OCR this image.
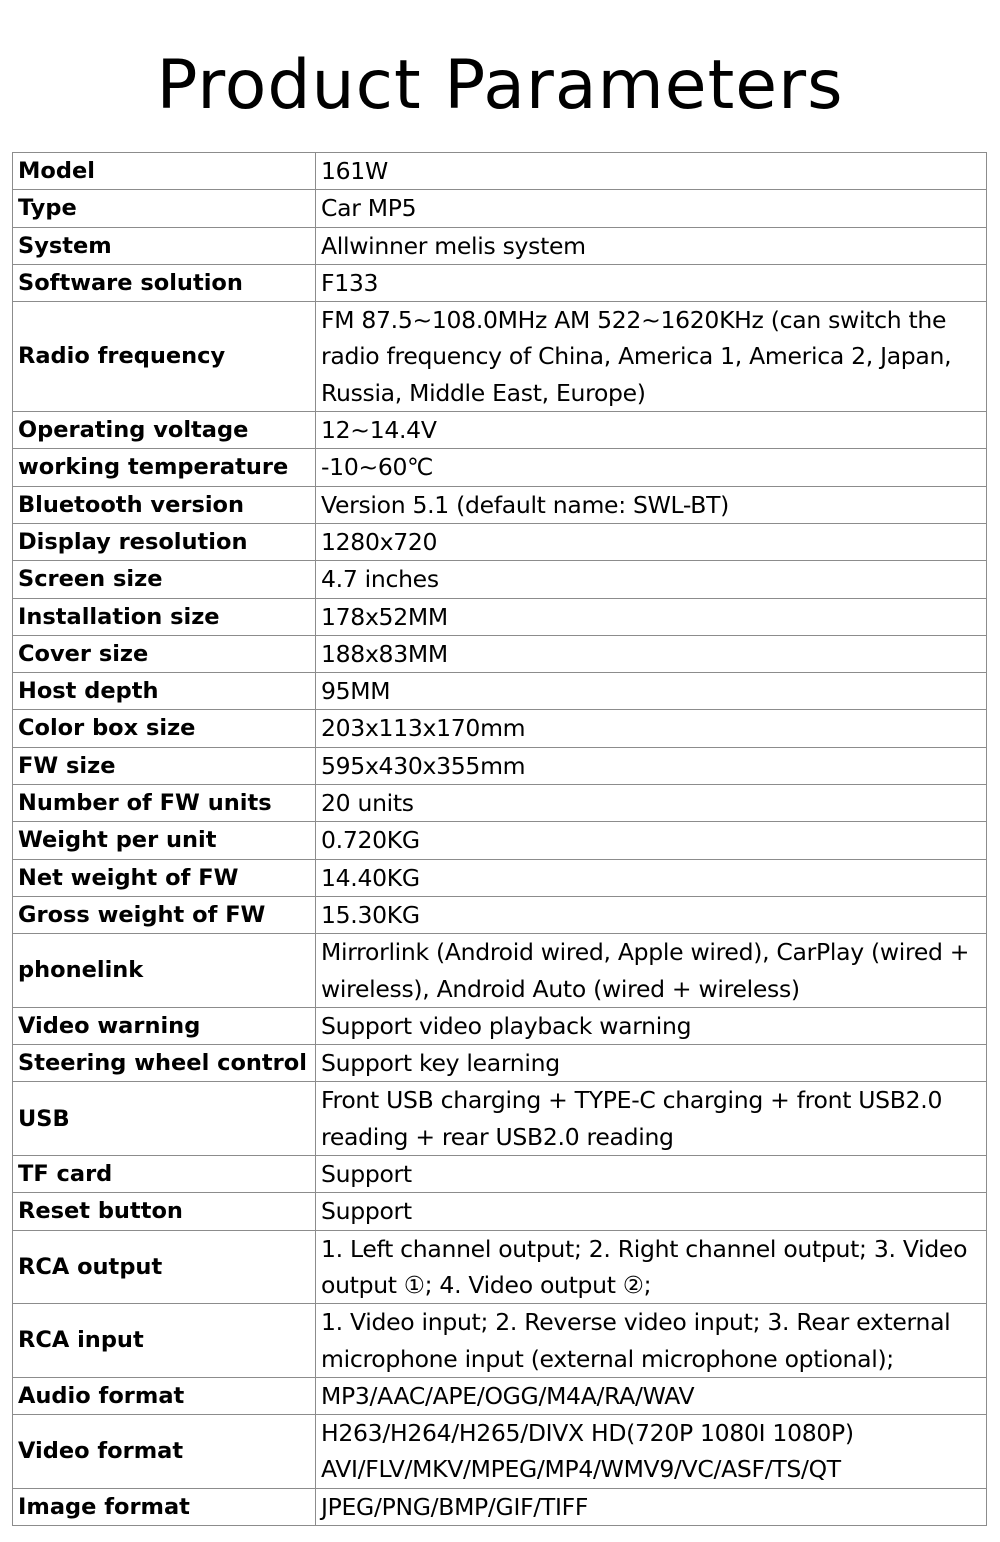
Product Parameters
Model	161W
Type	Car MP5
System	Allwinner melis system
Software solution	F133
Radio frequency	FM 87.5~108.0MHz AM 522~1620KHz (can switch the radio frequency of China, America 1, America 2, Japan, Russia, Middle East, Europe)
Operating voltage	12~14.4V
working temperature	-10~60℃
Bluetooth version	Version 5.1 (default name: SWL-BT)
Display resolution	1280x720
Screen size	4.7 inches
Installation size	178x52MM
Cover size	188x83MM
Host depth	95MM
Color box size	203x113x170mm
FW size	595x430x355mm
Number of FW units	20 units
Weight per unit	0.720KG
Net weight of FW	14.40KG
Gross weight of FW	15.30KG
phonelink	Mirrorlink (Android wired, Apple wired), CarPlay (wired + wireless), Android Auto (wired + wireless)
Video warning	Support video playback warning
Steering wheel control	Support key learning
USB	Front USB charging + TYPE-C charging + front USB2.0 reading + rear USB2.0 reading
TF card	Support
Reset button	Support
RCA output	1. Left channel output; 2. Right channel output; 3. Video output ①; 4. Video output ②;
RCA input	1. Video input; 2. Reverse video input; 3. Rear external microphone input (external microphone optional);
Audio format	MP3/AAC/APE/OGG/M4A/RA/WAV
Video format	H263/H264/H265/DIVX HD(720P 1080I 1080P) AVI/FLV/MKV/MPEG/MP4/WMV9/VC/ASF/TS/QT
Image format	JPEG/PNG/BMP/GIF/TIFF
